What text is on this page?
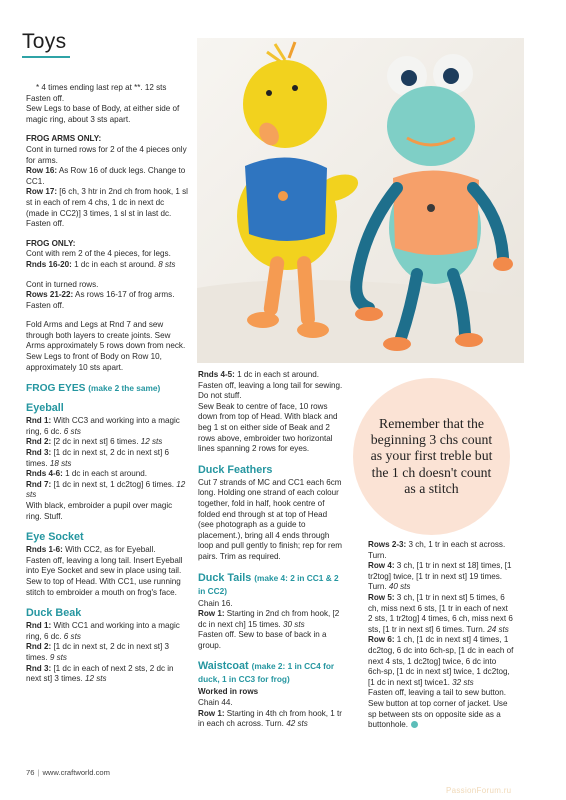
Toys

* 4 times ending last rep at **. 12 sts

Fasten off.

Sew Legs to base of Body, at either side of magic ring, about 3 sts apart.

FROG ARMS ONLY:

Cont in turned rows for 2 of the 4 pieces only for arms.

Row 16: As Row 16 of duck legs. Change to CC1.

Row 17: [6 ch, 3 htr in 2nd ch from hook, 1 sl st in each of rem 4 chs, 1 dc in next dc (made in CC2)] 3 times, 1 sl st in last dc.

Fasten off.

FROG ONLY:

Cont with rem 2 of the 4 pieces, for legs.

Rnds 16-20: 1 dc in each st around. 8 sts

Cont in turned rows.

Rows 21-22: As rows 16-17 of frog arms.

Fasten off.

Fold Arms and Legs at Rnd 7 and sew through both layers to create joints. Sew Arms approximately 5 rows down from neck. Sew Legs to front of Body on Row 10, approximately 10 sts apart.

FROG EYES (make 2 the same)
Eyeball

Rnd 1: With CC3 and working into a magic ring, 6 dc. 6 sts

Rnd 2: [2 dc in next st] 6 times. 12 sts

Rnd 3: [1 dc in next st, 2 dc in next st] 6 times. 18 sts

Rnds 4-6: 1 dc in each st around.

Rnd 7: [1 dc in next st, 1 dc2tog] 6 times. 12 sts

With black, embroider a pupil over magic ring. Stuff.

Eye Socket

Rnds 1-6: With CC2, as for Eyeball.

Fasten off, leaving a long tail. Insert Eyeball into Eye Socket and sew in place using tail. Sew to top of Head. With CC1, use running stitch to embroider a mouth on frog's face.

Duck Beak

Rnd 1: With CC1 and working into a magic ring, 6 dc. 6 sts

Rnd 2: [1 dc in next st, 2 dc in next st] 3 times. 9 sts

Rnd 3: [1 dc in each of next 2 sts, 2 dc in next st] 3 times. 12 sts

Rnds 4-5: 1 dc in each st around.

Fasten off, leaving a long tail for sewing. Do not stuff.

Sew Beak to centre of face, 10 rows down from top of Head. With black and beg 1 st on either side of Beak and 2 rows above, embroider two horizontal lines spanning 2 rows for eyes.

Duck Feathers

Cut 7 strands of MC and CC1 each 6cm long. Holding one strand of each colour together, fold in half, hook centre of folded end through st at top of Head (see photograph as a guide to placement.), bring all 4 ends through loop and pull gently to finish; rep for rem pairs. Trim as required.

Duck Tails (make 4: 2 in CC1 & 2 in CC2)

Chain 16.

Row 1: Starting in 2nd ch from hook, [2 dc in next ch] 15 times. 30 sts

Fasten off. Sew to base of back in a group.

Waistcoat (make 2: 1 in CC4 for duck, 1 in CC3 for frog)

Worked in rows

Chain 44.

Row 1: Starting in 4th ch from hook, 1 tr in each ch across. Turn. 42 sts

Remember that the beginning 3 chs count as your first treble but the 1 ch doesn't count as a stitch

Rows 2-3: 3 ch, 1 tr in each st across. Turn.

Row 4: 3 ch, [1 tr in next st 18] times, [1 tr2tog] twice, [1 tr in next st] 19 times. Turn. 40 sts

Row 5: 3 ch, [1 tr in next st] 5 times, 6 ch, miss next 6 sts, [1 tr in each of next 2 sts, 1 tr2tog] 4 times, 6 ch, miss next 6 sts, [1 tr in next st] 6 times. Turn. 24 sts

Row 6: 1 ch, [1 dc in next st] 4 times, 1 dc2tog, 6 dc into 6ch-sp, [1 dc in each of next 4 sts, 1 dc2tog] twice, 6 dc into 6ch-sp, [1 dc in next st] twice, 1 dc2tog, [1 dc in next st] twice1. 32 sts

Fasten off, leaving a tail to sew button. Sew button at top corner of jacket. Use sp between sts on opposite side as a buttonhole.

76 | www.craftworld.com
PassionForum.ru
